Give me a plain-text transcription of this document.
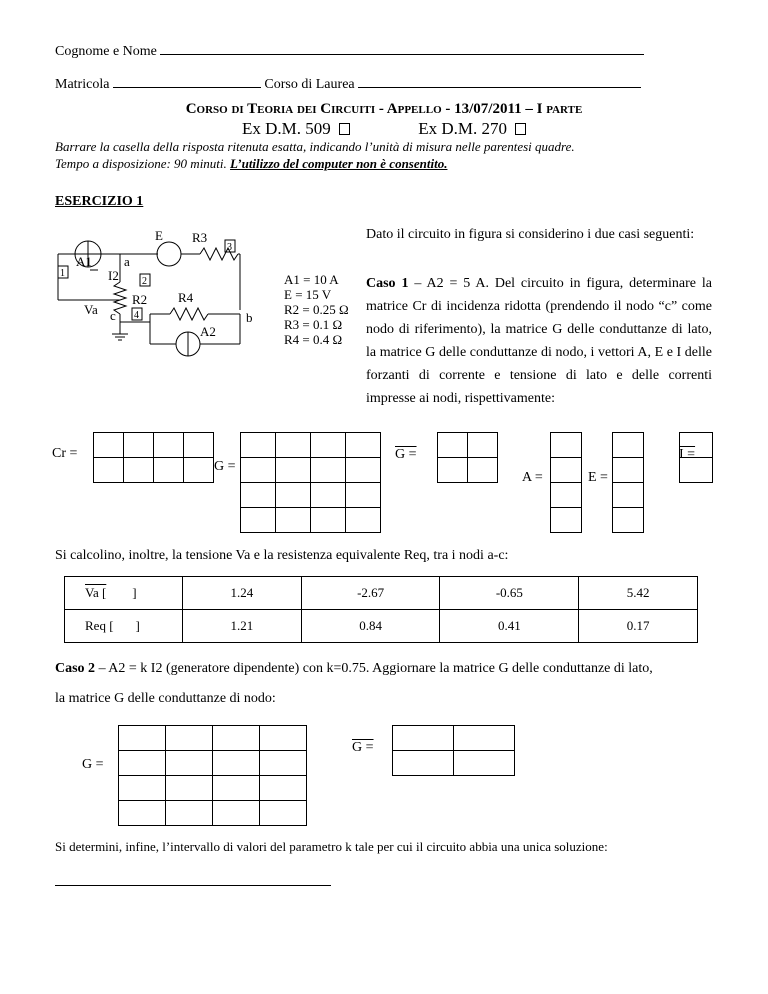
Cognome e Nome
Matricola	Corso di Laurea
Corso di Teoria dei Circuiti - Appello - 13/07/2011 – I parte
Ex D.M. 509	Ex D.M. 270
Barrare la casella della risposta ritenuta esatta, indicando l’unità di misura nelle parentesi quadre.
Tempo a disposizione: 90 minuti. L’utilizzo del computer non è consentito.
ESERCIZIO 1
1
2
3
4
a
b
c
E R3
R2 R4
A1
A2
I2
Va
A1 = 10 A
E = 15 V
R2 = 0.25 Ω
R3 = 0.1 Ω
R4 = 0.4 Ω
Dato il circuito in figura si considerino i due casi seguenti:
Caso 1 – A2 = 5 A. Del circuito in figura, determinare la matrice Cr di incidenza ridotta (prendendo il nodo “c” come nodo di riferimento), la matrice G delle conduttanze di lato, la matrice G delle conduttanze di nodo, i vettori A, E e I delle forzanti di corrente e tensione di lato e delle correnti impresse ai nodi, rispettivamente:
Cr =
G =
G =
A =	E =
I =

Si calcolino, inoltre, la tensione Va e la resistenza equivalente Req, tra i nodi a-c:
Va [ ]	1.24	-2.67	-0.65	5.42
Req [ ]	1.21	0.84	0.41	0.17
Caso 2 – A2 = k I2 (generatore dipendente) con k=0.75. Aggiornare la matrice G delle conduttanze di lato,
la matrice G delle conduttanze di nodo:
G =

G =

Si determini, infine, l’intervallo di valori del parametro k tale per cui il circuito abbia una unica soluzione:
